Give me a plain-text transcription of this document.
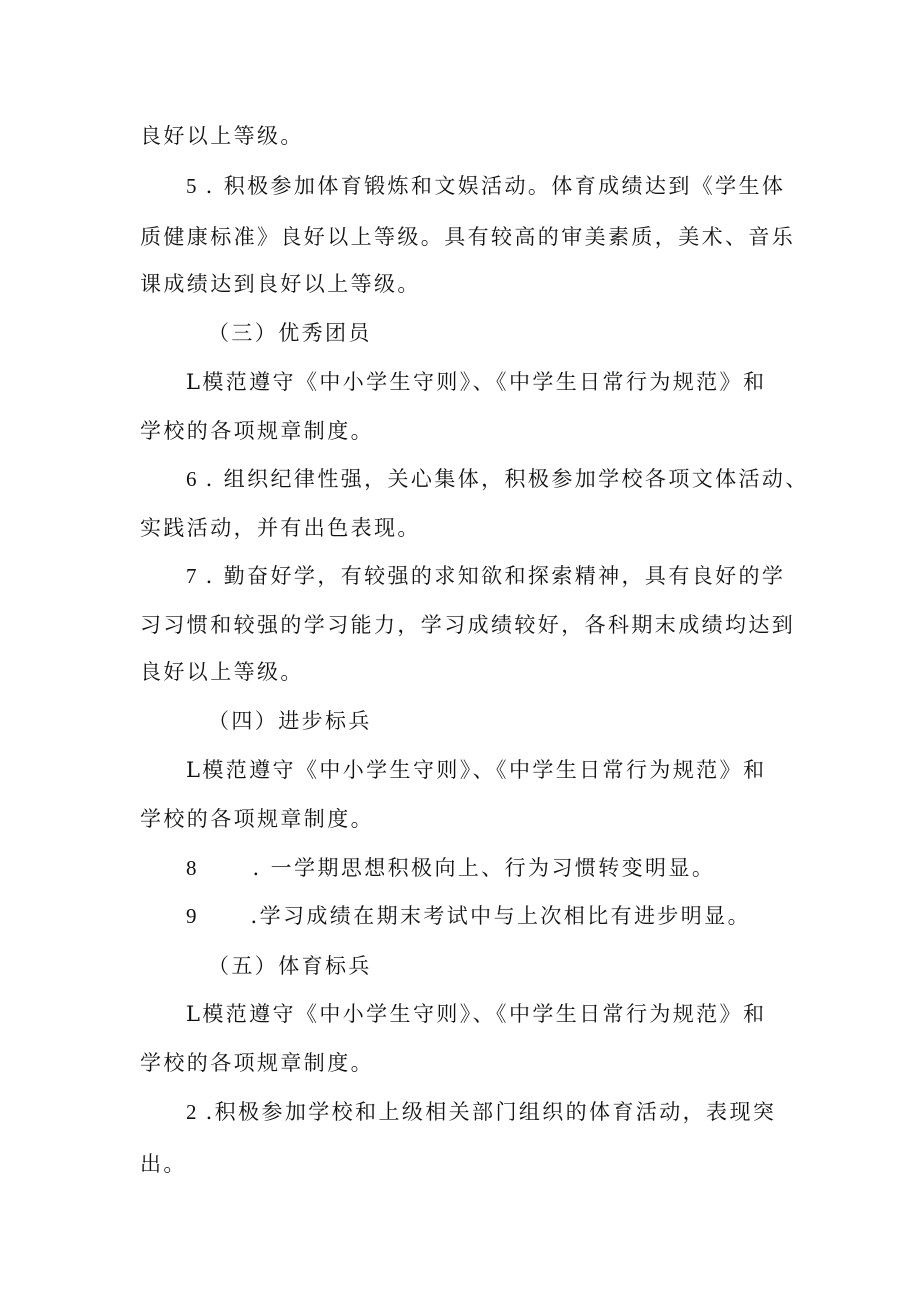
良好以上等级。
5 . 积极参加体育锻炼和文娱活动。体育成绩达到《学生体
质健康标准》良好以上等级。具有较高的审美素质，美术、音乐
课成绩达到良好以上等级。
（三）优秀团员
L模范遵守《中小学生守则》、《中学生日常行为规范》和
学校的各项规章制度。
6 . 组织纪律性强，关心集体，积极参加学校各项文体活动、
实践活动，并有出色表现。
7 . 勤奋好学，有较强的求知欲和探索精神，具有良好的学
习习惯和较强的学习能力，学习成绩较好，各科期末成绩均达到
良好以上等级。
（四）进步标兵
L模范遵守《中小学生守则》、《中学生日常行为规范》和
学校的各项规章制度。
8	. 一学期思想积极向上、行为习惯转变明显。
9	.学习成绩在期末考试中与上次相比有进步明显。
（五）体育标兵
L模范遵守《中小学生守则》、《中学生日常行为规范》和
学校的各项规章制度。
2 .积极参加学校和上级相关部门组织的体育活动，表现突
出。
